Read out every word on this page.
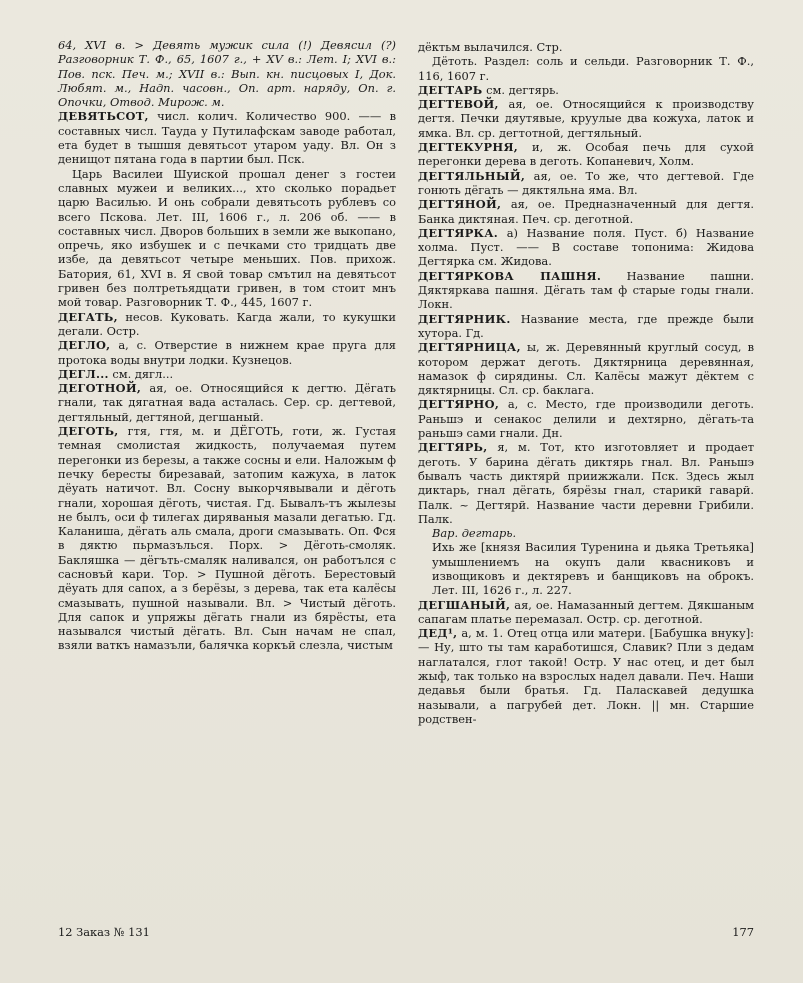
64, XVI в. > Девять мужик сила (!) Девясил (?) Разговорник Т. Ф., 65, 1607 г., + XV в.: Лет. I; XVI в.: Пов. пск. Печ. м.; XVII в.: Вып. кн. писцовых I, Док. Любят. м., Надп. часовн., Оп. арт. наряду, Оп. г. Опочки, Отвод. Мирож. м.

ДЕВЯТЬСОТ, числ. колич. Количество 900. —— в составных числ. Тауда у Путилафскам заводе работал, ета будет в тышшя девятьсот утаром уаду. Вл. Он з денищот пятана года в партии был. Пск.

Царь Василеи Шуиской прошал денег з гостеи славных мужеи и великих..., хто сколько порадьет царю Василью. И онь собрали девятьсоть рублевъ со всего Пскова. Лет. III, 1606 г., л. 206 об. —— в составных числ. Дворов больших в земли же выкопано, опречь, яко избушек и с печками сто тридцать две избе, да девятьсот четыре меньших. Пов. прихож. Батория, 61, XVI в. Я свой товар смътил на девятьсот гривен без полтретьядцати гривен, в том стоит мнъ мой товар. Разговорник Т. Ф., 445, 1607 г.

ДЕГАТЬ, несов. Куковать. Кагда жали, то кукушки дегали. Остр.

ДЕГЛО, а, с. Отверстие в нижнем крае пруга для протока воды внутри лодки. Кузнецов.

ДЕГЛ... см. дягл...

ДЕГОТНОЙ, ая, ое. Относящийся к дегтю. Дёгать гнали, так дягатная вада асталась. Сер. ср. дегтевой, дегтяльный, дегтяной, дегшаный.

ДЕГОТЬ, гтя, гтя, м. и ДЁГОТЬ, готи, ж. Густая темная смолистая жидкость, получаемая путем перегонки из березы, а также сосны и ели. Наложым ф печку бересты бирезавай, затопим кажуха, в латок дёуать натичот. Вл. Сосну выкорчявывали и дёготь гнали, хорошая дёготь, чистая. Гд. Бывалъ-тъ жылезы не былъ, оси ф тилегах диряваныя мазали дегатью. Гд. Каланиша, дёгать аль смала, дроги смазывать. Оп. Фся в дяктю пьрмазълься. Порх. > Дёготь-смоляк. Бакляшка — дёгъть-смаляк наливался, он работълся с сасновъй кари. Тор. > Пушной дёготь. Берестовый дёуать для сапох, а з берёзы, з дерева, так ета калёсы смазывать, пушной называли. Вл. > Чистый дёготь. Для сапок и упряжы дёгать гнали из бярёсты, ета назывался чистый дёгать. Вл. Сын начам не спал, взяли ваткъ намазъли, балячка коркъй слезла, чистым

дёктьм вылачился. Стр.

Дётоть. Раздел: соль и сельди. Разговорник Т. Ф., 116, 1607 г.

ДЕГТАРЬ см. дегтярь.

ДЕГТЕВОЙ, ая, ое. Относящийся к производству дегтя. Печки дяутявые, круулые два кожуха, латок и ямка. Вл. ср. дегтотной, дегтяльный.

ДЕГТЕКУРНЯ, и, ж. Особая печь для сухой перегонки дерева в деготь. Копаневич, Холм.

ДЕГТЯЛЬНЫЙ, ая, ое. То же, что дегтевой. Где гонють дёгать — дяктяльна яма. Вл.

ДЕГТЯНОЙ, ая, ое. Предназначенный для дегтя. Банка диктяная. Печ. ср. деготной.

ДЕГТЯРКА. а) Название поля. Пуст. б) Название холма. Пуст. —— В составе топонима: Жидова Дегтярка см. Жидова.

ДЕГТЯРКОВА ПАШНЯ. Название пашни. Дяктяркава пашня. Дёгать там ф старые годы гнали. Локн.

ДЕГТЯРНИК. Название места, где прежде были хутора. Гд.

ДЕГТЯРНИЦА, ы, ж. Деревянный круглый сосуд, в котором держат деготь. Дяктярница деревянная, намазок ф сирядины. Сл. Калёсы мажут дёктем с дяктярницы. Сл. ср. баклага.

ДЕГТЯРНО, а, с. Место, где производили деготь. Раньшэ и сенакос делили и дехтярно, дёгать-та раньшэ сами гнали. Дн.

ДЕГТЯРЬ, я, м. Тот, кто изготовляет и продает деготь. У барина дёгать диктярь гнал. Вл. Раньшэ бывалъ часть диктярй приижжали. Пск. Здесь жыл диктарь, гнал дёгать, бярёзы гнал, старикй гаварй. Палк. ~ Дегтярй. Название части деревни Грибили. Палк.

Вар. дегтарь.

Ихь же [князя Василия Туренина и дьяка Третьяка] умышлениемъ на окупъ дали квасниковъ и извощиковъ и дектяревъ и банщиковъ на оброкъ. Лет. III, 1626 г., л. 227.

ДЕГШАНЫЙ, ая, ое. Намазанный дегтем. Дякшаным сапагам платье перемазал. Остр. ср. деготной.

ДЕД¹, а, м. 1. Отец отца или матери. [Бабушка внуку]: — Ну, што ты там каработишся, Славик? Пли з дедам наглатался, глот такой! Остр. У нас отец, и дет был жыф, так только на взрослых надел давали. Печ. Наши дедавья были братья. Гд. Паласкавей дедушка называли, а пагрубей дет. Локн. || мн. Старшие родствен-

12 Заказ № 131	177
